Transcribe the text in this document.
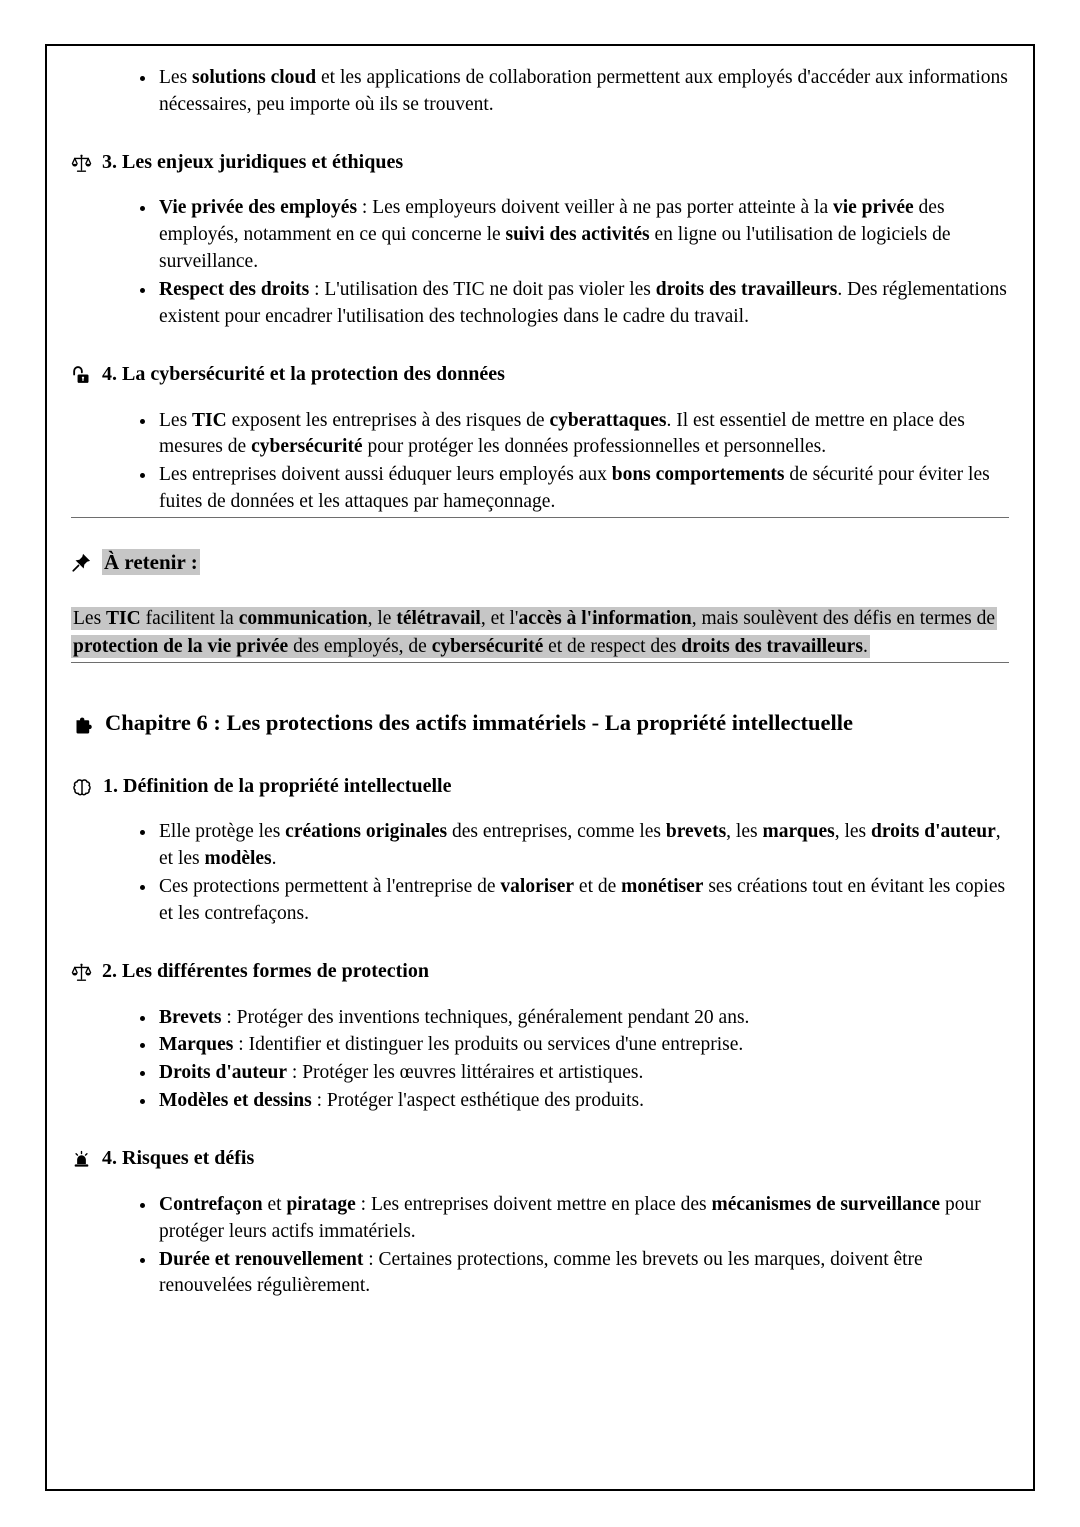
• Les solutions cloud et les applications de collaboration permettent aux employés d'accéder aux informations nécessaires, peu importe où ils se trouvent.
3. Les enjeux juridiques et éthiques
• Vie privée des employés : Les employeurs doivent veiller à ne pas porter atteinte à la vie privée des employés, notamment en ce qui concerne le suivi des activités en ligne ou l'utilisation de logiciels de surveillance.
• Respect des droits : L'utilisation des TIC ne doit pas violer les droits des travailleurs. Des réglementations existent pour encadrer l'utilisation des technologies dans le cadre du travail.
4. La cybersécurité et la protection des données
• Les TIC exposent les entreprises à des risques de cyberattaques. Il est essentiel de mettre en place des mesures de cybersécurité pour protéger les données professionnelles et personnelles.
• Les entreprises doivent aussi éduquer leurs employés aux bons comportements de sécurité pour éviter les fuites de données et les attaques par hameçonnage.
À retenir :

Les TIC facilitent la communication, le télétravail, et l'accès à l'information, mais soulèvent des défis en termes de protection de la vie privée des employés, de cybersécurité et de respect des droits des travailleurs.

Chapitre 6 : Les protections des actifs immatériels - La propriété intellectuelle
1. Définition de la propriété intellectuelle
• Elle protège les créations originales des entreprises, comme les brevets, les marques, les droits d'auteur, et les modèles.
• Ces protections permettent à l'entreprise de valoriser et de monétiser ses créations tout en évitant les copies et les contrefaçons.
2. Les différentes formes de protection
• Brevets : Protéger des inventions techniques, généralement pendant 20 ans.
• Marques : Identifier et distinguer les produits ou services d'une entreprise.
• Droits d'auteur : Protéger les œuvres littéraires et artistiques.
• Modèles et dessins : Protéger l'aspect esthétique des produits.
4. Risques et défis
• Contrefaçon et piratage : Les entreprises doivent mettre en place des mécanismes de surveillance pour protéger leurs actifs immatériels.
• Durée et renouvellement : Certaines protections, comme les brevets ou les marques, doivent être renouvelées régulièrement.
